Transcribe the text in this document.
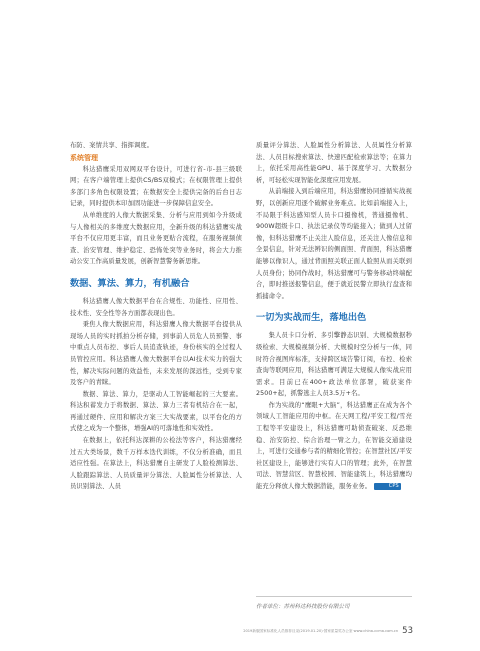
布防、案情共享、指挥调度。

系统管理

科达猎鹰采用双网双平台设计，可进行省-市-县三级联网；在客户端管理上提供CS/BS双模式；在权限管理上提供多部门多角色权限设置；在数据安全上提供完备的后台日志记录，同时提供本印加固功能进一步保障信息安全。

从单维度的人像大数据采集、分析与应用到如今升级成与人像相关的多维度大数据应用，全新升级的科达猎鹰实战平台不仅应用更丰富，而且业务更贴合流程，在服务视频侦查、治安管理、维护稳定、恐怖处突等业务时，将会大力推动公安工作高质量发展，创新智慧警务新思维。

数据、算法、算力，有机融合

科达猎鹰人像大数据平台在合规性、功能性、应用性、技术性、安全性等各方面都表现出色。

秉焦人像大数据应用，科达猎鹰人像大数据平台提供从现场人员的实时抓拍分析存储，到事前人员危人员预警、事中重点人员布控、事后人员追查轨迹，身份核实的全过程人员管控应用。科达猎鹰人像大数据平台以AI技术实力的强大性，解决实际问题的效益性，未来发展的深远性，受到专家及客户的青睐。

数据、算法、算力，是驱动人工智能崛起的三大要素。科达积蓄发力于将数据、算法、算力三者有机结合在一起，再通过硬件、应用和解决方案三大实战要素，以平台化的方式使之成为一个整体，增强AI的可落地性和实效性。

在数据上，依托科达深耕的公检法等客户，科达猎鹰经过五大类场景，数千万样本迭代训练，不仅分析准确，而且适应性强。在算法上，科达猎鹰自主研发了人脸检测算法、人脸跟踪算法、人员质量评分算法、人脸属性分析算法、人员识别算法、人员

质量评分算法、人脸属性分析算法、人员属性分析算法、人员目标搜索算法、快速匹配检索算法等；在算力上，依托采用高性能GPU、基于深度学习、大数据分析，可轻松实现智能化深度应用发展。

从前端接入到后端应用，科达猎鹰协同遵循实战视野，以创新应用逐个破解业务难点。比如前端接入上，不局限于科达感知型人员卡口摄像机，普通摄像机、900W超级卡口、执法记录仪等均能接入；做到人过留像，但科达猎鹰不止关注人脸信息，还关注人像信息和全景信息，针对无法辨识的侧面照、背面照，科达猎鹰能够以像识人，通过背面照关联正面人脸照从而关联到人员身份；协同作战时，科达猎鹰可与警务移动终端配合，即时推送报警信息，便于就近民警立即执行盘查和抓捕命令。

一切为实战而生，落地出色

集人员卡口分析、多引擎静态识别、大规模数据秒级检索、大规模视频分析、大规模时空分析与一体，同时符合视图库标准，支持跨区域告警订阅，布控、检索查询等联网应用，科达猎鹰可满足大规模人像实战应用需求。目前已在400+政法单位部署，破获案件2500+起，抓警逃主人员3.5万+名。

作为实战的“鹰眼+大脑”，科达猎鹰正在成为各个领域人工智能应用的中枢。在天网工程/平安工程/雪亮工程等平安建设上，科达猎鹰可助侦查破案、反恐维稳、治安防控、综合治理一臂之力，在智能交通建设上，可进行交通参与者的精细化管控；在智慧社区/平安社区建设上，能够进行实有人口的管理；此外，在智慧司法、智慧营区、智慧校园、智能建筑上，科达猎鹰均能充分释放人像大数据潜能，服务业务。	CPS

作者单位：苏州科达科技股份有限公司
2019新版国家标准化人员推荐目录(2019.01-20)·国家质量奖办公室·www.china-ccma.com.cn 53
